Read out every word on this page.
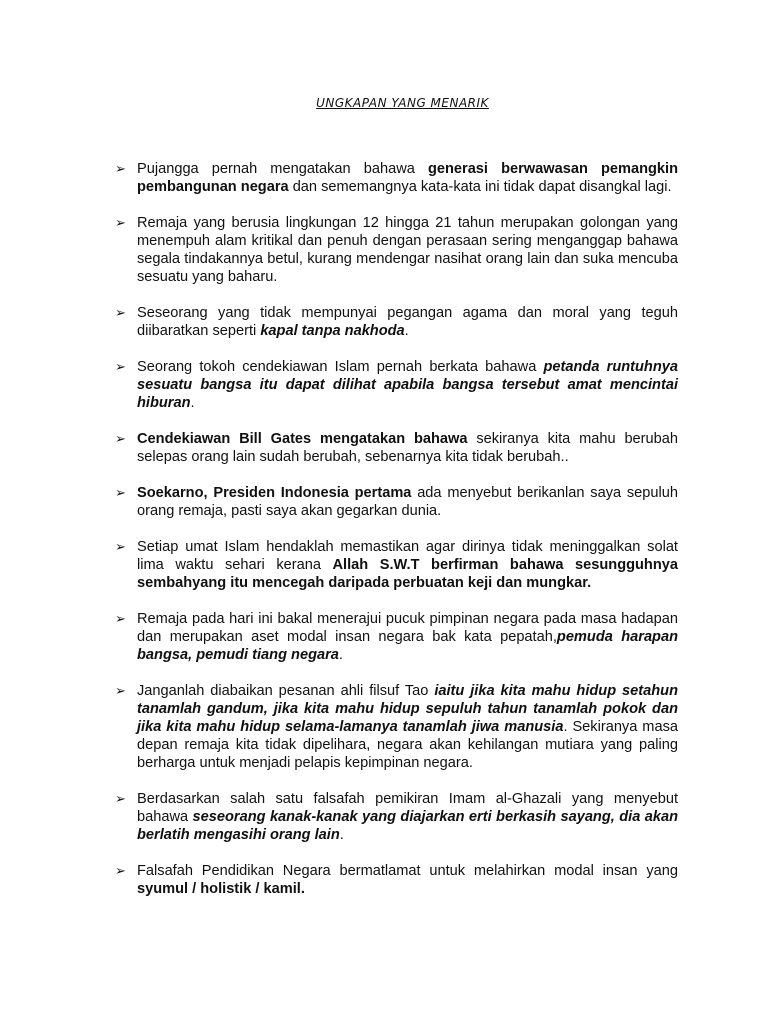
UNGKAPAN YANG MENARIK
➢ Pujangga pernah mengatakan bahawa generasi berwawasan pemangkin pembangunan negara dan sememangnya kata-kata ini tidak dapat disangkal lagi.
➢ Remaja yang berusia lingkungan 12 hingga 21 tahun merupakan golongan yang menempuh alam kritikal dan penuh dengan perasaan sering menganggap bahawa segala tindakannya betul, kurang mendengar nasihat orang lain dan suka mencuba sesuatu yang baharu.
➢ Seseorang yang tidak mempunyai pegangan agama dan moral yang teguh diibaratkan seperti kapal tanpa nakhoda.
➢ Seorang tokoh cendekiawan Islam pernah berkata bahawa petanda runtuhnya sesuatu bangsa itu dapat dilihat apabila bangsa tersebut amat mencintai hiburan.
➢ Cendekiawan Bill Gates mengatakan bahawa sekiranya kita mahu berubah selepas orang lain sudah berubah, sebenarnya kita tidak berubah..
➢ Soekarno, Presiden Indonesia pertama ada menyebut berikanlan saya sepuluh orang remaja, pasti saya akan gegarkan dunia.
➢ Setiap umat Islam hendaklah memastikan agar dirinya tidak meninggalkan solat lima waktu sehari kerana Allah S.W.T berfirman bahawa sesungguhnya sembahyang itu mencegah daripada perbuatan keji dan mungkar.
➢ Remaja pada hari ini bakal menerajui pucuk pimpinan negara pada masa hadapan dan merupakan aset modal insan negara bak kata pepatah,pemuda harapan bangsa, pemudi tiang negara.
➢ Janganlah diabaikan pesanan ahli filsuf Tao iaitu jika kita mahu hidup setahun tanamlah gandum, jika kita mahu hidup sepuluh tahun tanamlah pokok dan jika kita mahu hidup selama-lamanya tanamlah jiwa manusia. Sekiranya masa depan remaja kita tidak dipelihara, negara akan kehilangan mutiara yang paling berharga untuk menjadi pelapis kepimpinan negara.
➢ Berdasarkan salah satu falsafah pemikiran Imam al-Ghazali yang menyebut bahawa seseorang kanak-kanak yang diajarkan erti berkasih sayang, dia akan berlatih mengasihi orang lain.
➢ Falsafah Pendidikan Negara bermatlamat untuk melahirkan modal insan yang syumul / holistik / kamil.
